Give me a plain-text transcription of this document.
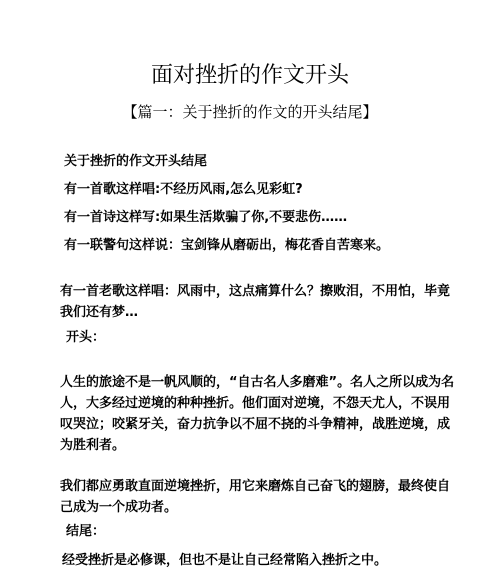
面对挫折的作文开头
【篇一：关于挫折的作文的开头结尾】
关于挫折的作文开头结尾
有一首歌这样唱:不经历风雨,怎么见彩虹?
有一首诗这样写:如果生活欺骗了你,不要悲伤……
有一联警句这样说：宝剑锋从磨砺出，梅花香自苦寒来。
有一首老歌这样唱：风雨中，这点痛算什么？擦败泪，不用怕，毕竟
我们还有梦…
开头：
人生的旅途不是一帆风顺的，“自古名人多磨难”。名人之所以成为名
人，大多经过逆境的种种挫折。他们面对逆境，不怨天尤人，不误用
叹哭泣；咬紧牙关，奋力抗争以不屈不挠的斗争精神，战胜逆境，成
为胜利者。
我们都应勇敢直面逆境挫折，用它来磨炼自己奋飞的翅膀，最终使自
己成为一个成功者。
结尾：
经受挫折是必修课，但也不是让自己经常陷入挫折之中。
